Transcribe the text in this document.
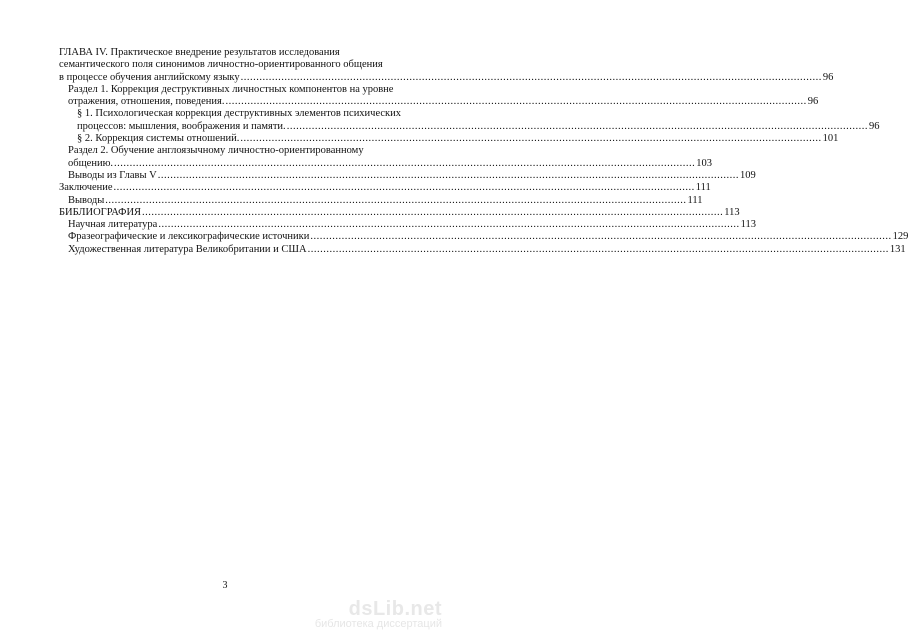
ГЛАВА IV. Практическое внедрение результатов исследования
семантического поля синонимов личностно-ориентированного общения
в процессе обучения английскому языку .....	96
Раздел 1. Коррекция деструктивных личностных компонентов на уровне
отражения, отношения, поведения. .....	96
§ 1. Психологическая коррекция деструктивных элементов психических
процессов: мышления, воображения и памяти. .....	96
§ 2. Коррекция системы отношений. .....	101
Раздел 2. Обучение англоязычному личностно-ориентированному
общению. .....	103
Выводы из Главы V .....	109
Заключение .....	111
Выводы .....	111
БИБЛИОГРАФИЯ .....	113
Научная литература .....	113
Фразеографические и лексикографические источники .....	129
Художественная литература Великобритании и США .....	131
3
dsLib.net
библиотека диссертаций
